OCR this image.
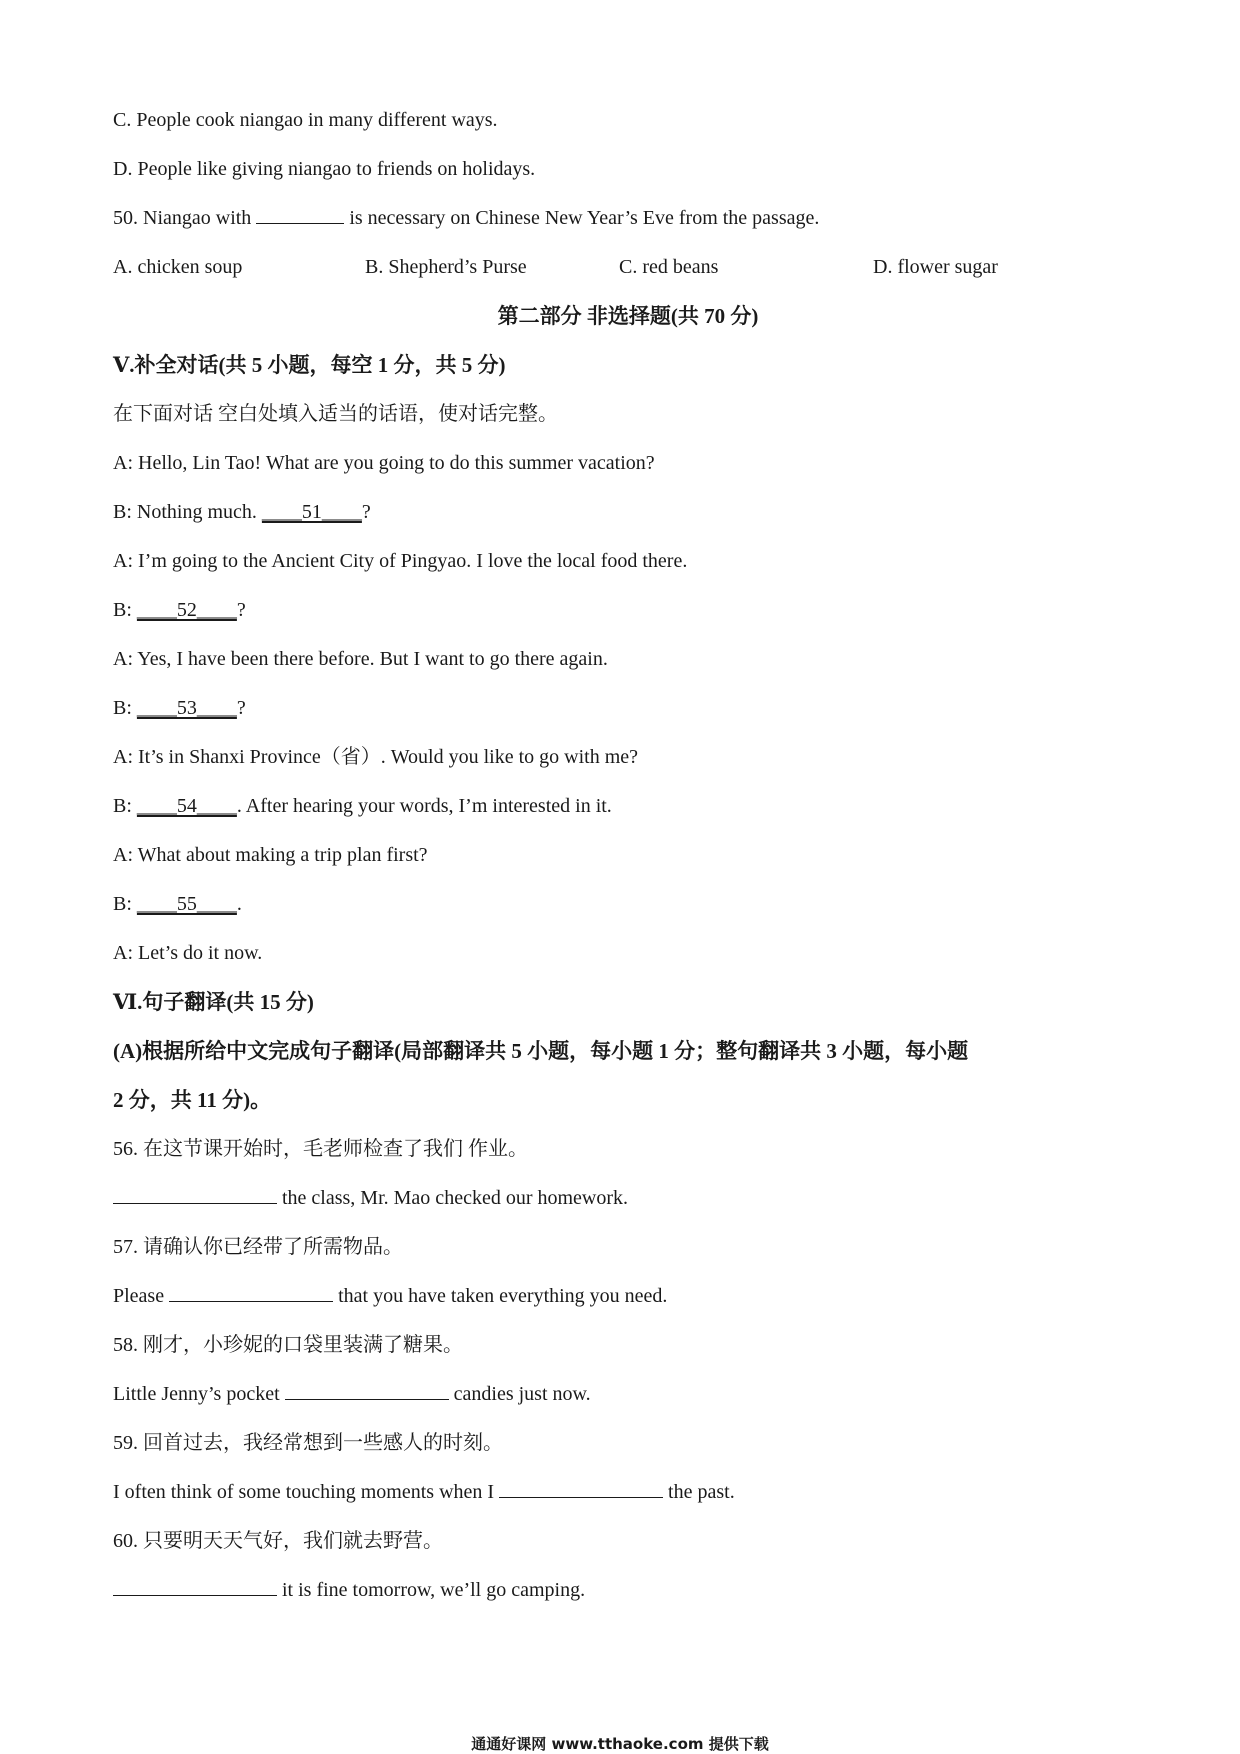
C. People cook niangao in many different ways.
D. People like giving niangao to friends on holidays.
50. Niangao with	is necessary on Chinese New Year’s Eve from the passage.
A. chicken soup	B. Shepherd’s Purse	C. red beans	D. flower sugar
第二部分 非选择题(共 70 分)
Ⅴ.补全对话(共 5 小题，每空 1 分，共 5 分)
在下面对话 空白处填入适当的话语，使对话完整。
A: Hello, Lin Tao! What are you going to do this summer vacation?
B: Nothing much. ____51____?
A: I’m going to the Ancient City of Pingyao. I love the local food there.
B: ____52____?
A: Yes, I have been there before. But I want to go there again.
B: ____53____?
A: It’s in Shanxi Province（省）. Would you like to go with me?
B: ____54____. After hearing your words, I’m interested in it.
A: What about making a trip plan first?
B: ____55____.
A: Let’s do it now.
Ⅵ.句子翻译(共 15 分)
(A)根据所给中文完成句子翻译(局部翻译共 5 小题，每小题 1 分；整句翻译共 3 小题，每小题
2 分，共 11 分)。
56. 在这节课开始时，毛老师检查了我们 作业。
the class, Mr. Mao checked our homework.
57. 请确认你已经带了所需物品。
Please	that you have taken everything you need.
58. 刚才，小珍妮的口袋里装满了糖果。
Little Jenny’s pocket	candies just now.
59. 回首过去，我经常想到一些感人的时刻。
I often think of some touching moments when I	the past.
60. 只要明天天气好，我们就去野营。
it is fine tomorrow, we’ll go camping.
通通好课网 www.tthaoke.com 提供下载
